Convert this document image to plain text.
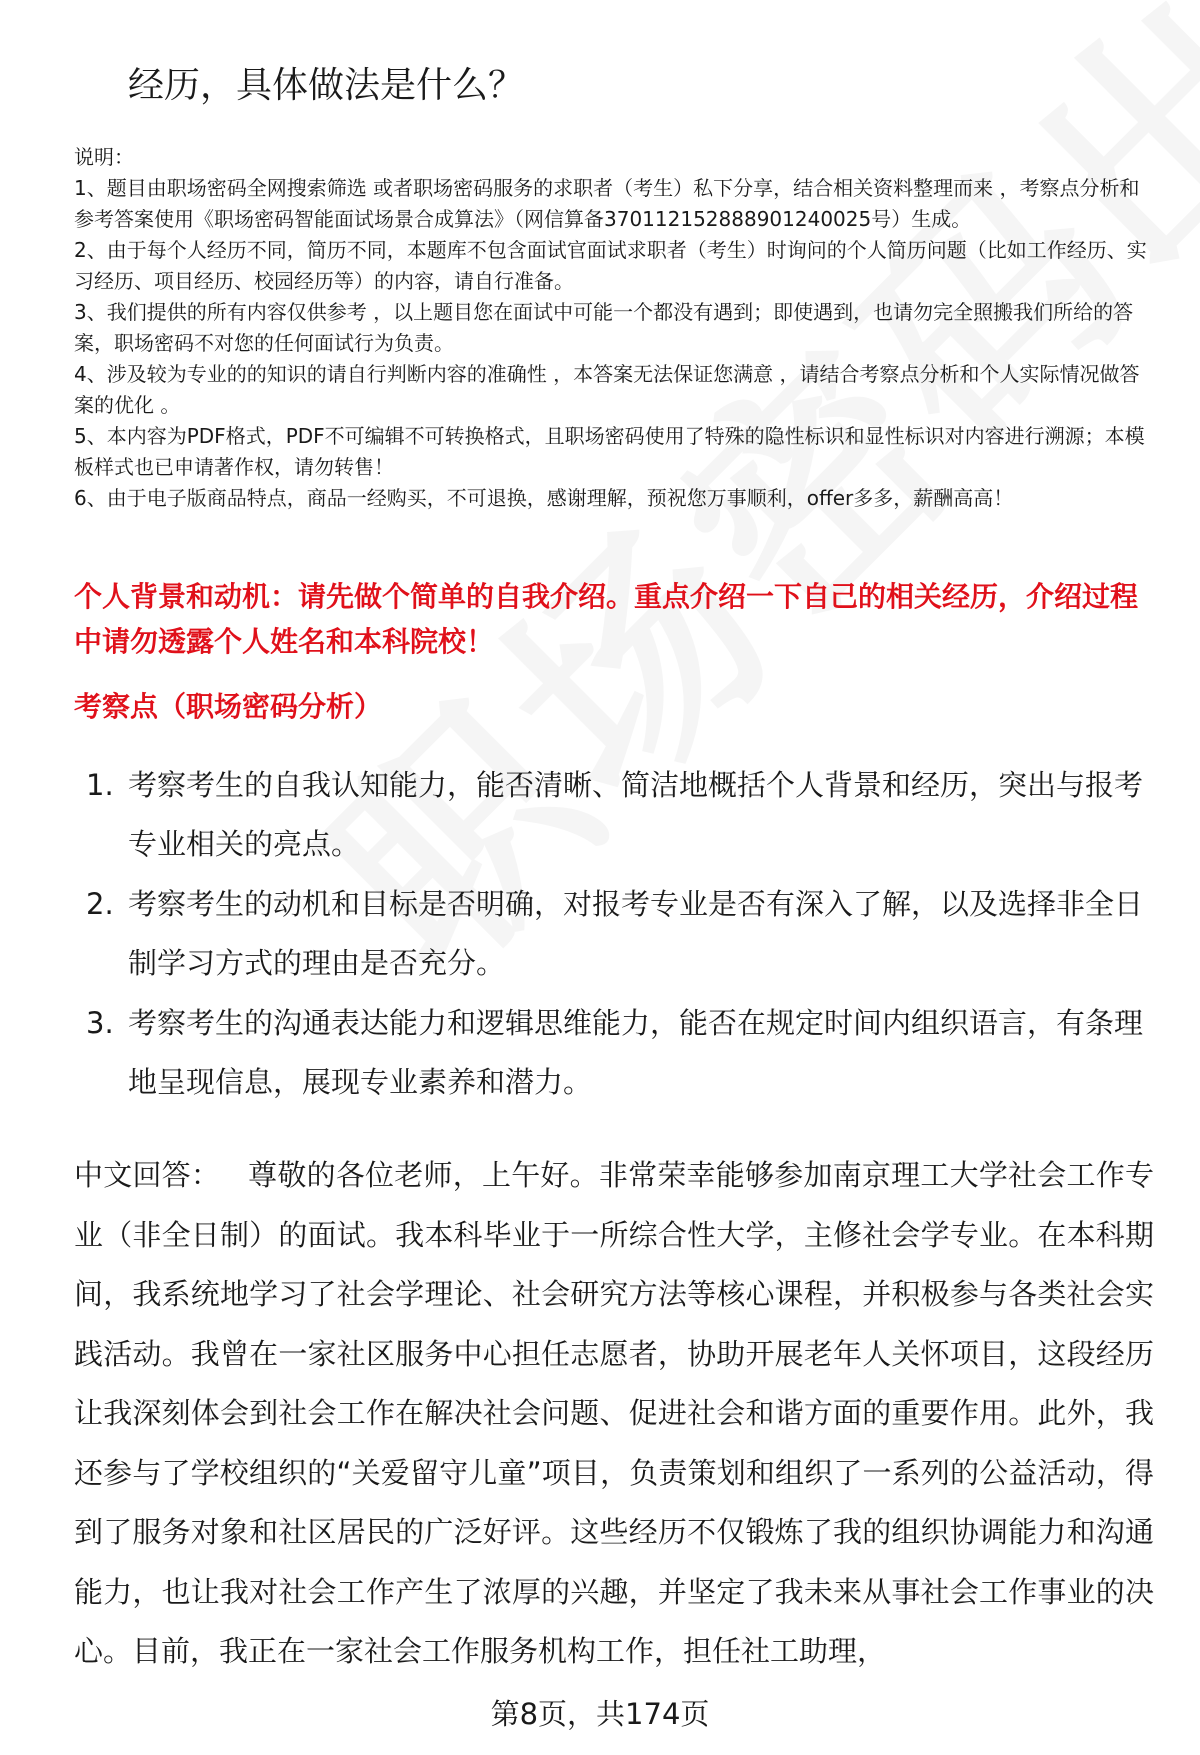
经历，具体做法是什么？

说明：

1、题目由职场密码全网搜索筛选 或者职场密码服务的求职者（考生）私下分享，结合相关资料整理而来 ，考察点分析和参考答案使用《职场密码智能面试场景合成算法》（网信算备370112152888901240025号）生成。

2、由于每个人经历不同，简历不同，本题库不包含面试官面试求职者（考生）时询问的个人简历问题（比如工作经历、实习经历、项目经历、校园经历等）的内容，请自行准备。

3、我们提供的所有内容仅供参考 ，以上题目您在面试中可能一个都没有遇到；即使遇到，也请勿完全照搬我们所给的答案，职场密码不对您的任何面试行为负责。

4、涉及较为专业的的知识的请自行判断内容的准确性 ，本答案无法保证您满意 ，请结合考察点分析和个人实际情况做答案的优化 。

5、本内容为PDF格式，PDF不可编辑不可转换格式，且职场密码使用了特殊的隐性标识和显性标识对内容进行溯源；本模板样式也已申请著作权，请勿转售！

6、由于电子版商品特点，商品一经购买，不可退换，感谢理解，预祝您万事顺利，offer多多，薪酬高高！

个人背景和动机：请先做个简单的自我介绍。重点介绍一下自己的相关经历，介绍过程中请勿透露个人姓名和本科院校！
考察点（职场密码分析）
1. 考察考生的自我认知能力，能否清晰、简洁地概括个人背景和经历，突出与报考专业相关的亮点。
2. 考察考生的动机和目标是否明确，对报考专业是否有深入了解，以及选择非全日制学习方式的理由是否充分。
3. 考察考生的沟通表达能力和逻辑思维能力，能否在规定时间内组织语言，有条理地呈现信息，展现专业素养和潜力。

中文回答： 尊敬的各位老师，上午好。非常荣幸能够参加南京理工大学社会工作专业（非全日制）的面试。我本科毕业于一所综合性大学，主修社会学专业。在本科期间，我系统地学习了社会学理论、社会研究方法等核心课程，并积极参与各类社会实践活动。我曾在一家社区服务中心担任志愿者，协助开展老年人关怀项目，这段经历让我深刻体会到社会工作在解决社会问题、促进社会和谐方面的重要作用。此外，我还参与了学校组织的“关爱留守儿童”项目，负责策划和组织了一系列的公益活动，得到了服务对象和社区居民的广泛好评。这些经历不仅锻炼了我的组织协调能力和沟通能力，也让我对社会工作产生了浓厚的兴趣，并坚定了我未来从事社会工作事业的决心。目前，我正在一家社会工作服务机构工作，担任社工助理，

第8页，共174页
